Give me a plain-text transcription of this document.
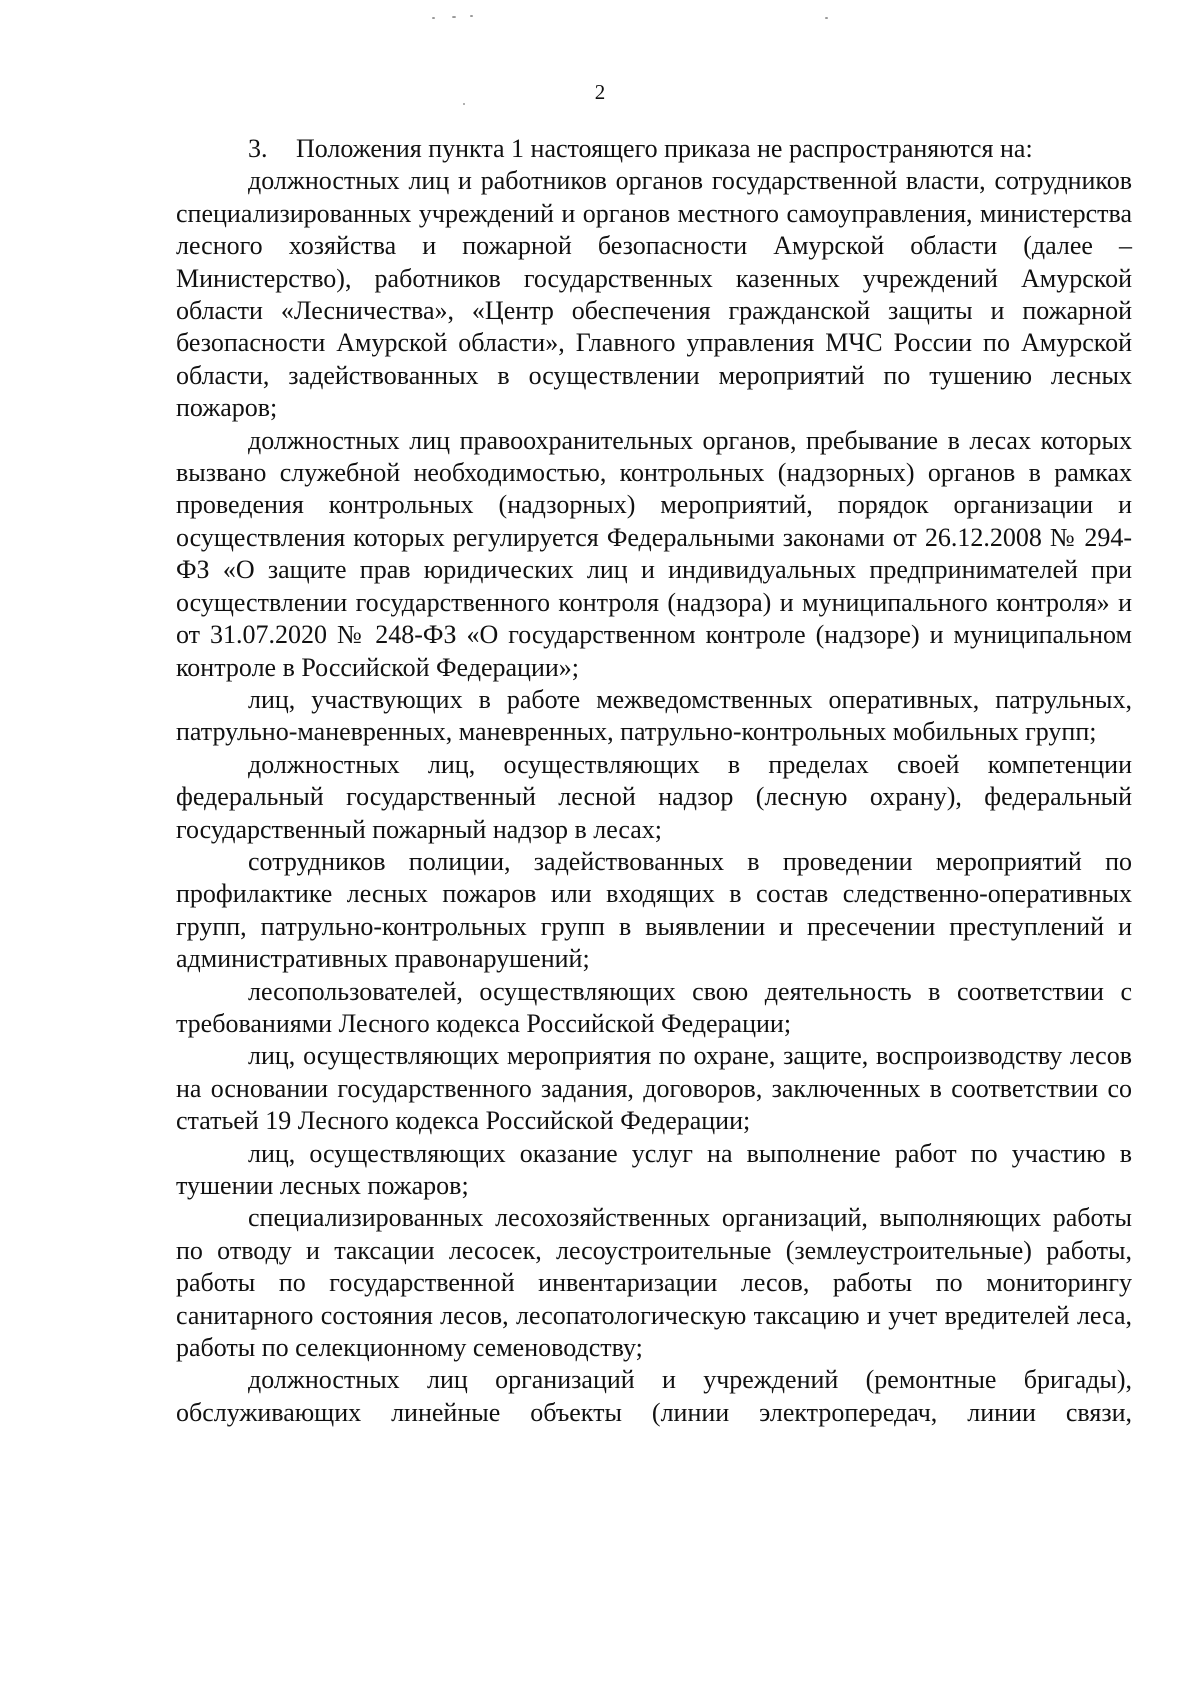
2

3. Положения пункта 1 настоящего приказа не распространяются на:

должностных лиц и работников органов государственной власти, сотрудников специализированных учреждений и органов местного самоуправления, министерства лесного хозяйства и пожарной безопасности Амурской области (далее – Министерство), работников государственных казенных учреждений Амурской области «Лесничества», «Центр обеспечения гражданской защиты и пожарной безопасности Амурской области», Главного управления МЧС России по Амурской области, задействованных в осуществлении мероприятий по тушению лесных пожаров;

должностных лиц правоохранительных органов, пребывание в лесах которых вызвано служебной необходимостью, контрольных (надзорных) органов в рамках проведения контрольных (надзорных) мероприятий, порядок организации и осуществления которых регулируется Федеральными законами от 26.12.2008 № 294-ФЗ «О защите прав юридических лиц и индивидуальных предпринимателей при осуществлении государственного контроля (надзора) и муниципального контроля» и от 31.07.2020 № 248-ФЗ «О государственном контроле (надзоре) и муниципальном контроле в Российской Федерации»;

лиц, участвующих в работе межведомственных оперативных, патрульных, патрульно-маневренных, маневренных, патрульно-контрольных мобильных групп;

должностных лиц, осуществляющих в пределах своей компетенции федеральный государственный лесной надзор (лесную охрану), федеральный государственный пожарный надзор в лесах;

сотрудников полиции, задействованных в проведении мероприятий по профилактике лесных пожаров или входящих в состав следственно-оперативных групп, патрульно-контрольных групп в выявлении и пресечении преступлений и административных правонарушений;

лесопользователей, осуществляющих свою деятельность в соответствии с требованиями Лесного кодекса Российской Федерации;

лиц, осуществляющих мероприятия по охране, защите, воспроизводству лесов на основании государственного задания, договоров, заключенных в соответствии со статьей 19 Лесного кодекса Российской Федерации;

лиц, осуществляющих оказание услуг на выполнение работ по участию в тушении лесных пожаров;

специализированных лесохозяйственных организаций, выполняющих работы по отводу и таксации лесосек, лесоустроительные (землеустроительные) работы, работы по государственной инвентаризации лесов, работы по мониторингу санитарного состояния лесов, лесопатологическую таксацию и учет вредителей леса, работы по селекционному семеноводству;

должностных лиц организаций и учреждений (ремонтные бригады), обслуживающих линейные объекты (линии электропередач, линии связи,
